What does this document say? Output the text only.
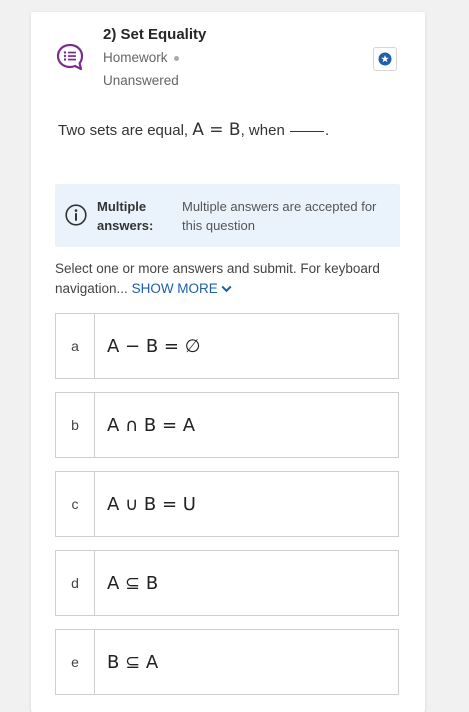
2) Set Equality
Homework
Unanswered
Two sets are equal, A = B, when	.
Multiple answers:
Multiple answers are accepted for this question
Select one or more answers and submit. For keyboard navigation... SHOW MORE
a	A − B = ∅
b	A ∩ B = A
c	A ∪ B = U
d	A ⊆ B
e	B ⊆ A
